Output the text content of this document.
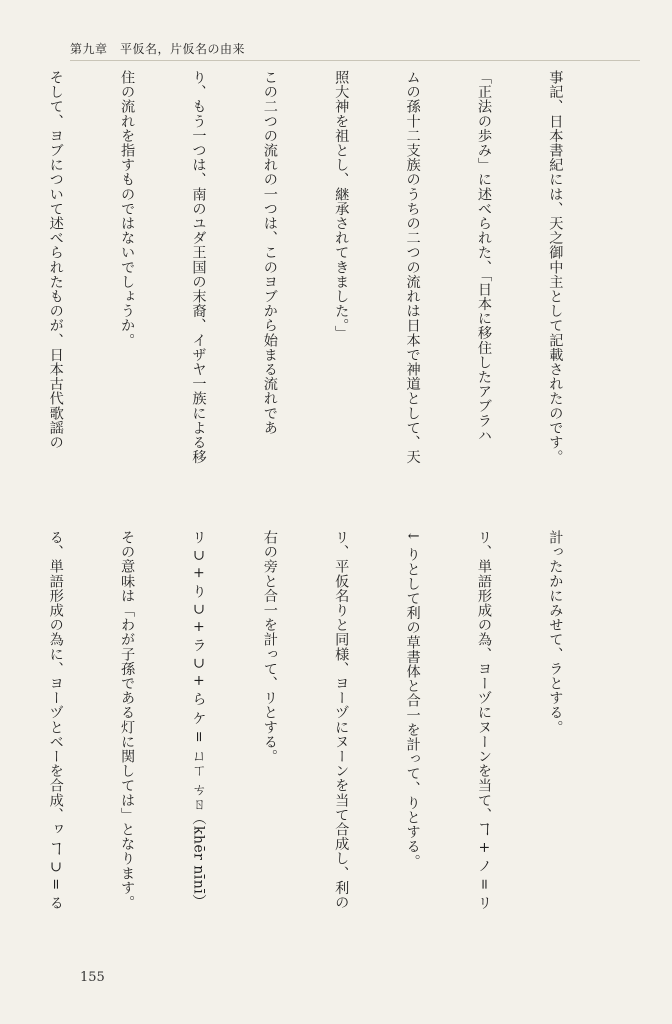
第九章　平仮名，片仮名の由来

事記、日本書紀には、天之御中主として記載されたのです。

「正法の歩み」に述べられた、「日本に移住したアブラハ

ムの孫十二支族のうちの二つの流れは日本で神道として、天

照大神を祖とし、継承されてきました。」

この二つの流れの一つは、このヨブから始まる流れであ

り、もう一つは、南のユダ王国の末裔、イザヤ一族による移

住の流れを指すものではないでしょうか。

そして、ヨブについて述べられたものが、日本古代歌謡の

計ったかにみせて、ラとする。

リ、単語形成の為、ヨーヅにヌーンを当て、ヿ + ノ = リ

↓ りとして利の草書体と合一を計って、りとする。

リ、平仮名りと同様、ヨーヅにヌーンを当て合成し、利の

右の旁と合一を計って、リとする。

リ ⊃ + り ⊃ + ラ ⊃ + ら ケ = ㄩㄒ ㄘㄖ（khēr nīnī）

その意味は「わが子孫である灯に関しては」となります。

る、単語形成の為に、ヨーヅとベーを合成、ヮ ヿ ⊃ = る

155
